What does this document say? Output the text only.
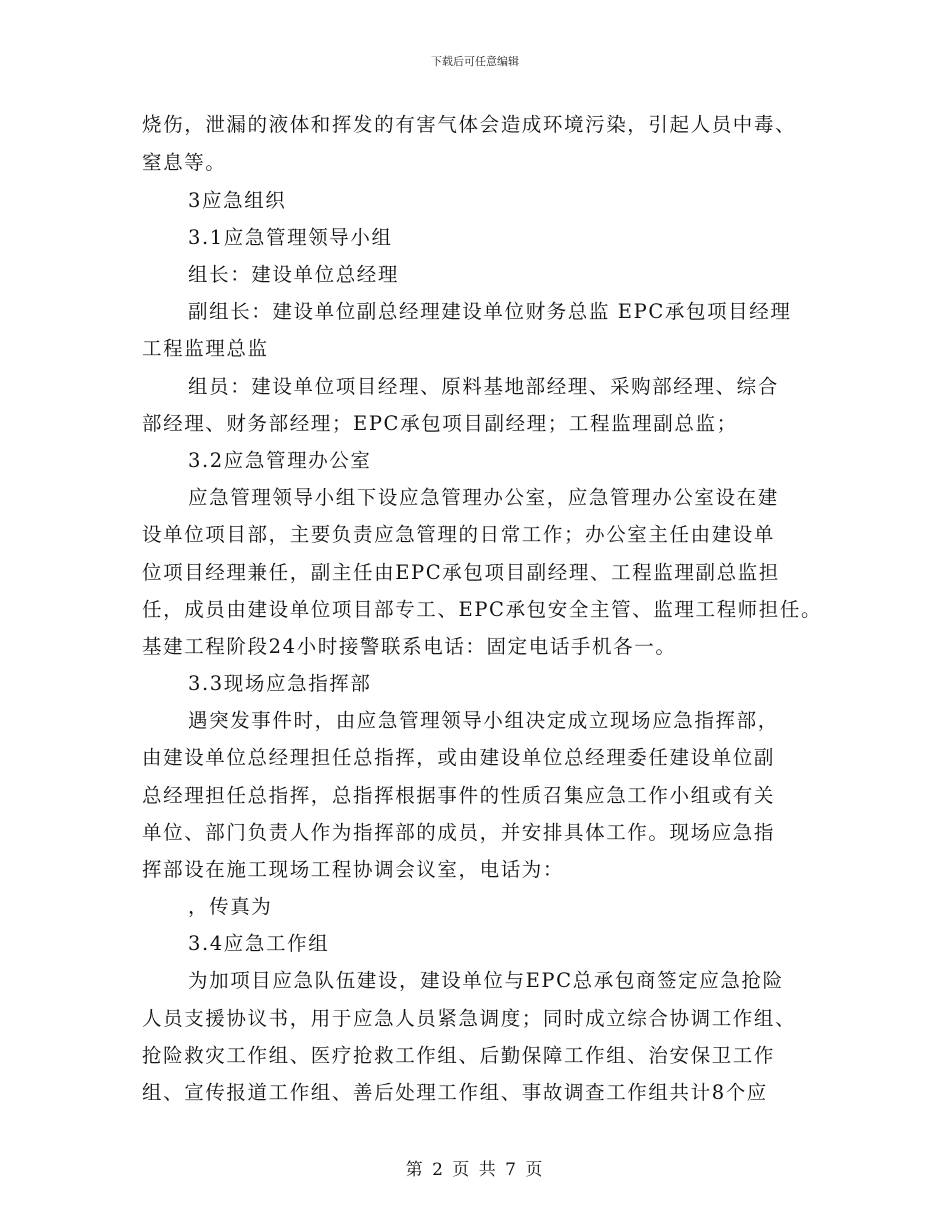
下载后可任意编辑
烧伤，泄漏的液体和挥发的有害气体会造成环境污染，引起人员中毒、
窒息等。
3应急组织
3.1应急管理领导小组
组长：建设单位总经理
副组长：建设单位副总经理建设单位财务总监 EPC承包项目经理
工程监理总监
组员：建设单位项目经理、原料基地部经理、采购部经理、综合
部经理、财务部经理；EPC承包项目副经理；工程监理副总监；
3.2应急管理办公室
应急管理领导小组下设应急管理办公室，应急管理办公室设在建
设单位项目部，主要负责应急管理的日常工作；办公室主任由建设单
位项目经理兼任，副主任由EPC承包项目副经理、工程监理副总监担
任，成员由建设单位项目部专工、EPC承包安全主管、监理工程师担任。
基建工程阶段24小时接警联系电话：固定电话手机各一。
3.3现场应急指挥部
遇突发事件时，由应急管理领导小组决定成立现场应急指挥部，
由建设单位总经理担任总指挥，或由建设单位总经理委任建设单位副
总经理担任总指挥，总指挥根据事件的性质召集应急工作小组或有关
单位、部门负责人作为指挥部的成员，并安排具体工作。现场应急指
挥部设在施工现场工程协调会议室，电话为：
，传真为
3.4应急工作组
为加项目应急队伍建设，建设单位与EPC总承包商签定应急抢险
人员支援协议书，用于应急人员紧急调度；同时成立综合协调工作组、
抢险救灾工作组、医疗抢救工作组、后勤保障工作组、治安保卫工作
组、宣传报道工作组、善后处理工作组、事故调查工作组共计8个应
第 2 页 共 7 页
